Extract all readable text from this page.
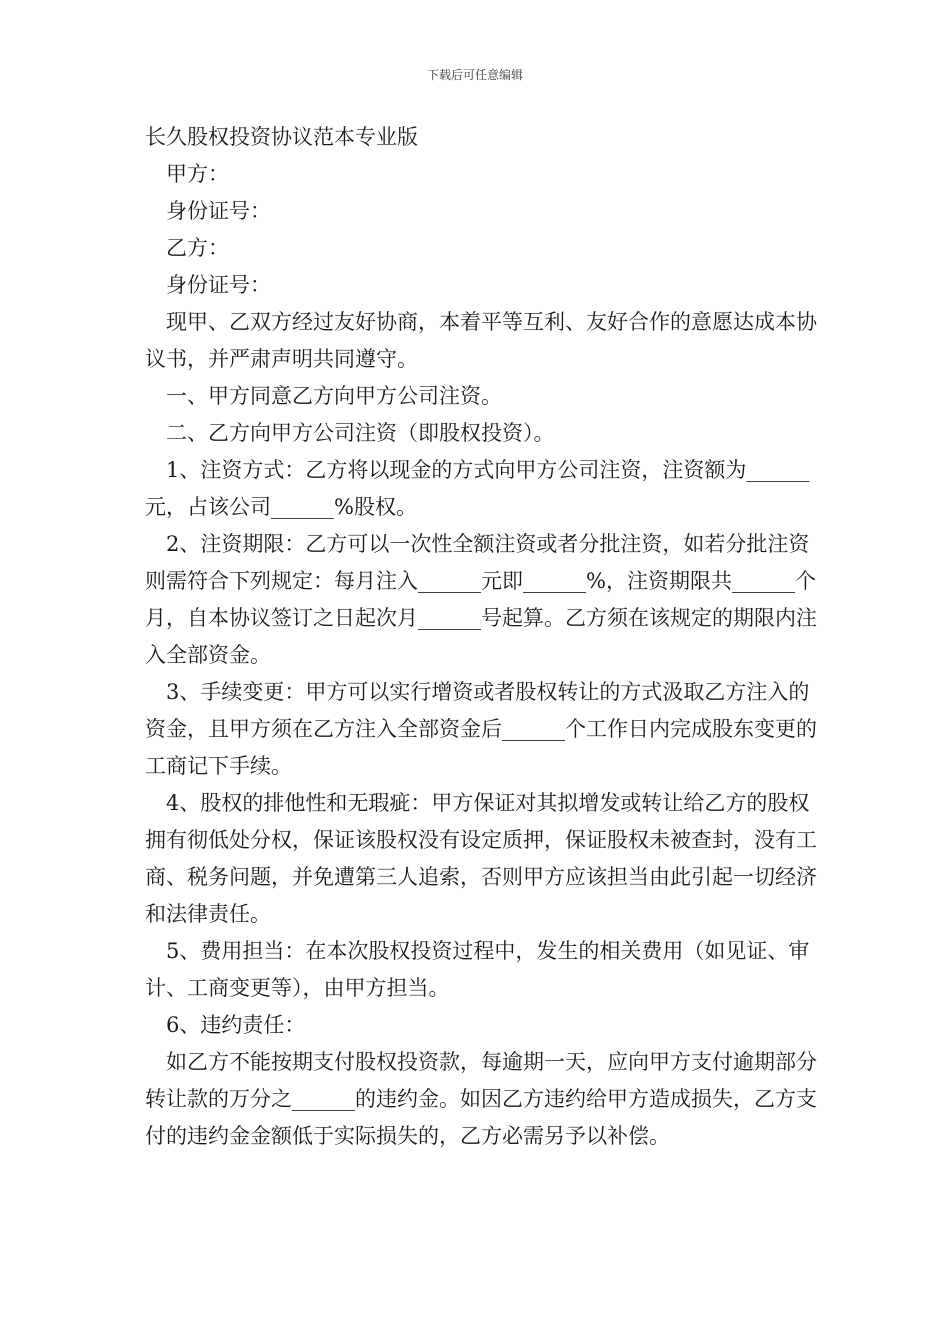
下载后可任意编辑
长久股权投资协议范本专业版

甲方：

身份证号：

乙方：

身份证号：

现甲、乙双方经过友好协商，本着平等互利、友好合作的意愿达成本协议书，并严肃声明共同遵守。

一、甲方同意乙方向甲方公司注资。

二、乙方向甲方公司注资（即股权投资）。

1、注资方式：乙方将以现金的方式向甲方公司注资，注资额为______元，占该公司______%股权。

2、注资期限：乙方可以一次性全额注资或者分批注资，如若分批注资则需符合下列规定：每月注入______元即______%，注资期限共______个月，自本协议签订之日起次月______号起算。乙方须在该规定的期限内注入全部资金。

3、手续变更：甲方可以实行增资或者股权转让的方式汲取乙方注入的资金，且甲方须在乙方注入全部资金后______个工作日内完成股东变更的工商记下手续。

4、股权的排他性和无瑕疵：甲方保证对其拟增发或转让给乙方的股权拥有彻低处分权，保证该股权没有设定质押，保证股权未被查封，没有工商、税务问题，并免遭第三人追索，否则甲方应该担当由此引起一切经济和法律责任。

5、费用担当：在本次股权投资过程中，发生的相关费用（如见证、审计、工商变更等），由甲方担当。

6、违约责任：

如乙方不能按期支付股权投资款，每逾期一天，应向甲方支付逾期部分转让款的万分之______的违约金。如因乙方违约给甲方造成损失，乙方支付的违约金金额低于实际损失的，乙方必需另予以补偿。
